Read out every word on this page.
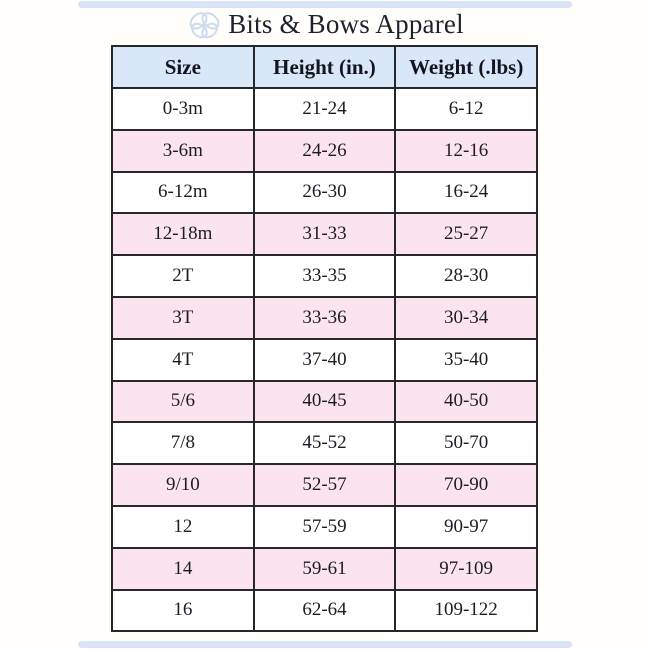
Bits & Bows Apparel
Size	Height (in.)	Weight (.lbs)
0-3m	21-24	6-12
3-6m	24-26	12-16
6-12m	26-30	16-24
12-18m	31-33	25-27
2T	33-35	28-30
3T	33-36	30-34
4T	37-40	35-40
5/6	40-45	40-50
7/8	45-52	50-70
9/10	52-57	70-90
12	57-59	90-97
14	59-61	97-109
16	62-64	109-122
